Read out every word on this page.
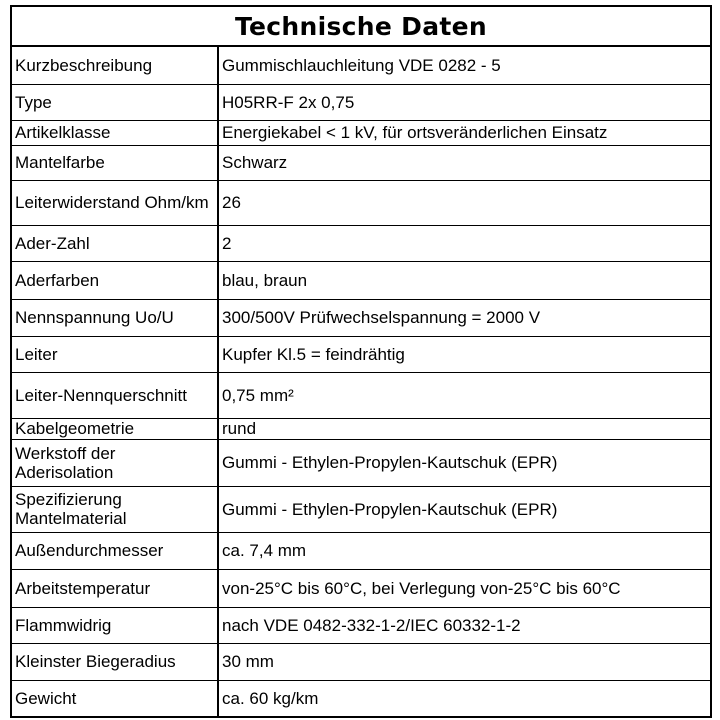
Technische Daten
Kurzbeschreibung	Gummischlauchleitung VDE 0282 - 5
Type	H05RR-F 2x 0,75
Artikelklasse	Energiekabel < 1 kV, für ortsveränderlichen Einsatz
Mantelfarbe	Schwarz
Leiterwiderstand Ohm/km	26
Ader-Zahl	2
Aderfarben	blau, braun
Nennspannung Uo/U	300/500V Prüfwechselspannung = 2000 V
Leiter	Kupfer Kl.5 = feindrähtig
Leiter-Nennquerschnitt	0,75 mm²
Kabelgeometrie	rund
Werkstoff der Aderisolation	Gummi - Ethylen-Propylen-Kautschuk (EPR)
Spezifizierung Mantelmaterial	Gummi - Ethylen-Propylen-Kautschuk (EPR)
Außendurchmesser	ca. 7,4 mm
Arbeitstemperatur	von-25°C bis 60°C, bei Verlegung von-25°C bis 60°C
Flammwidrig	nach VDE 0482-332-1-2/IEC 60332-1-2
Kleinster Biegeradius	30 mm
Gewicht	ca. 60 kg/km
